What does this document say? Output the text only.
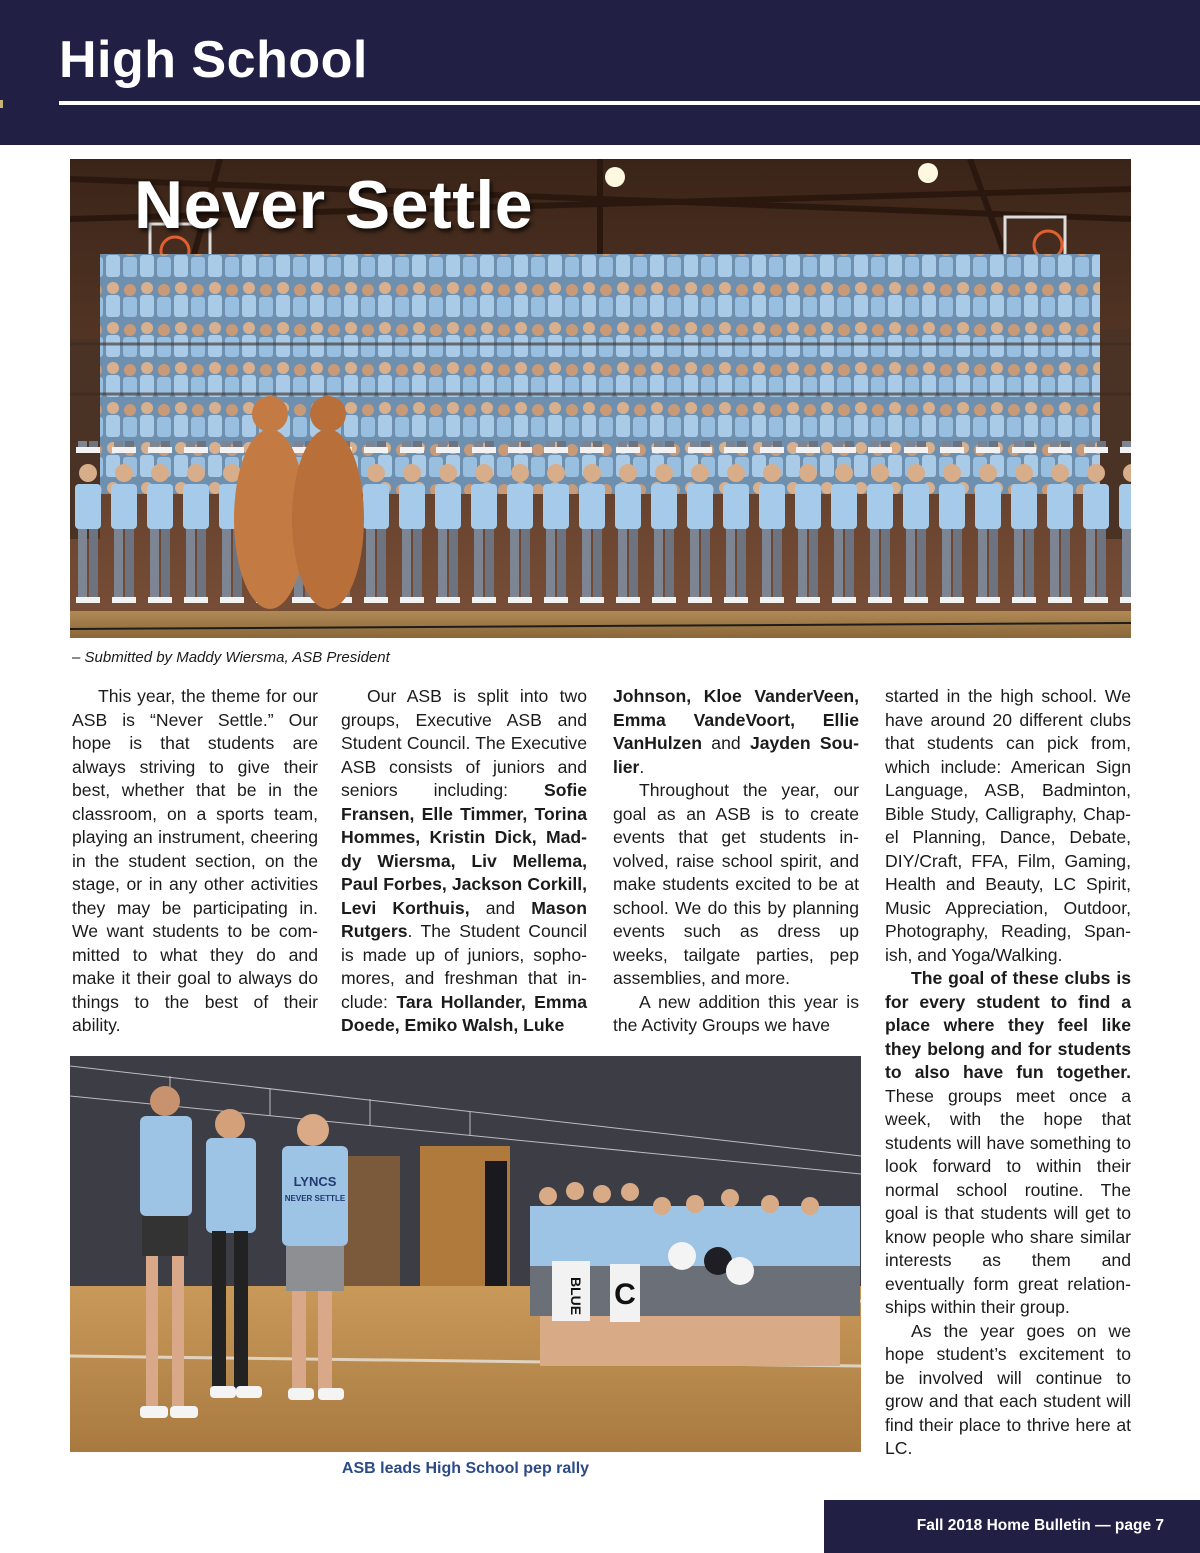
High School
Never Settle
– Submitted by Maddy Wiersma, ASB President

This year, the theme for our ASB is “Never Settle.” Our hope is that students are always striving to give their best, whether that be in the classroom, on a sports team, playing an instrument, cheering in the student section, on the stage, or in any other activities they may be participating in. We want students to be committed to what they do and make it their goal to always do things to the best of their ability.

Our ASB is split into two groups, Executive ASB and Student Council. The Executive ASB consists of juniors and seniors including: Sofie Fransen, Elle Timmer, Torina Hommes, Kristin Dick, Maddy Wiersma, Liv Mellema, Paul Forbes, Jackson Corkill, Levi Korthuis, and Mason Rutgers. The Student Council is made up of juniors, sophomores, and freshman that include: Tara Hollander, Emma Doede, Emiko Walsh, Luke

Johnson, Kloe VanderVeen, Emma VandeVoort, Ellie VanHulzen and Jayden Soulier.

Throughout the year, our goal as an ASB is to create events that get students involved, raise school spirit, and make students excited to be at school. We do this by planning events such as dress up weeks, tailgate parties, pep assemblies, and more.

A new addition this year is the Activity Groups we have

started in the high school. We have around 20 different clubs that students can pick from, which include: American Sign Language, ASB, Badminton, Bible Study, Calligraphy, Chapel Planning, Dance, Debate, DIY/Craft, FFA, Film, Gaming, Health and Beauty, LC Spirit, Music Appreciation, Outdoor, Photography, Reading, Spanish, and Yoga/Walking.

The goal of these clubs is for every student to find a place where they feel like they belong and for students to also have fun together. These groups meet once a week, with the hope that students will have something to look forward to within their normal school routine. The goal is that students will get to know people who share similar interests as them and eventually form great relationships within their group.

As the year goes on we hope student’s excitement to be involved will continue to grow and that each student will find their place to thrive here at LC.

LYNCS
NEVER SETTLE
BLUE C
ASB leads High School pep rally
Fall 2018 Home Bulletin — page 7
